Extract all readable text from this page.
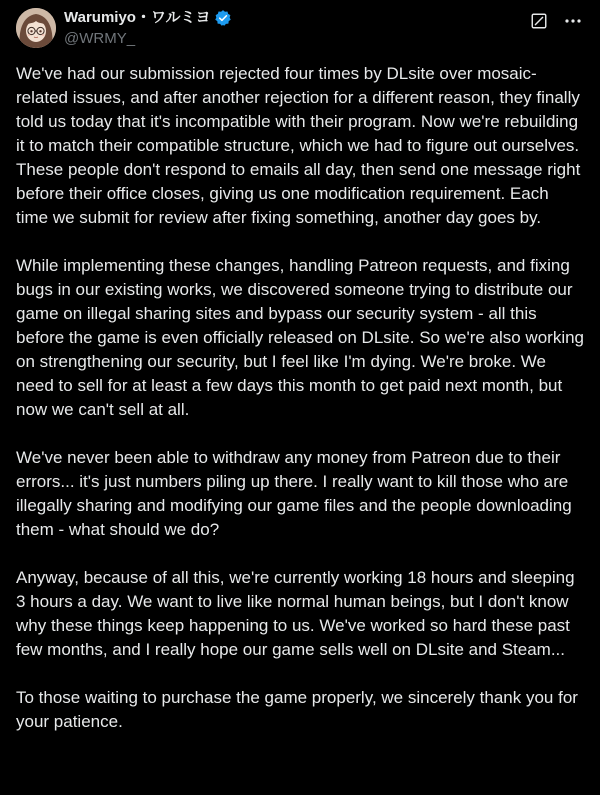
Warumiyo・ワルミヨ
@WRMY_

We've had our submission rejected four times by DLsite over mosaic-related issues, and after another rejection for a different reason, they finally told us today that it's incompatible with their program. Now we're rebuilding it to match their compatible structure, which we had to figure out ourselves. These people don't respond to emails all day, then send one message right before their office closes, giving us one modification requirement. Each time we submit for review after fixing something, another day goes by.

While implementing these changes, handling Patreon requests, and fixing bugs in our existing works, we discovered someone trying to distribute our game on illegal sharing sites and bypass our security system - all this before the game is even officially released on DLsite. So we're also working on strengthening our security, but I feel like I'm dying. We're broke. We need to sell for at least a few days this month to get paid next month, but now we can't sell at all.

We've never been able to withdraw any money from Patreon due to their errors... it's just numbers piling up there. I really want to kill those who are illegally sharing and modifying our game files and the people downloading them - what should we do?

Anyway, because of all this, we're currently working 18 hours and sleeping 3 hours a day. We want to live like normal human beings, but I don't know why these things keep happening to us. We've worked so hard these past few months, and I really hope our game sells well on DLsite and Steam...

To those waiting to purchase the game properly, we sincerely thank you for your patience.
